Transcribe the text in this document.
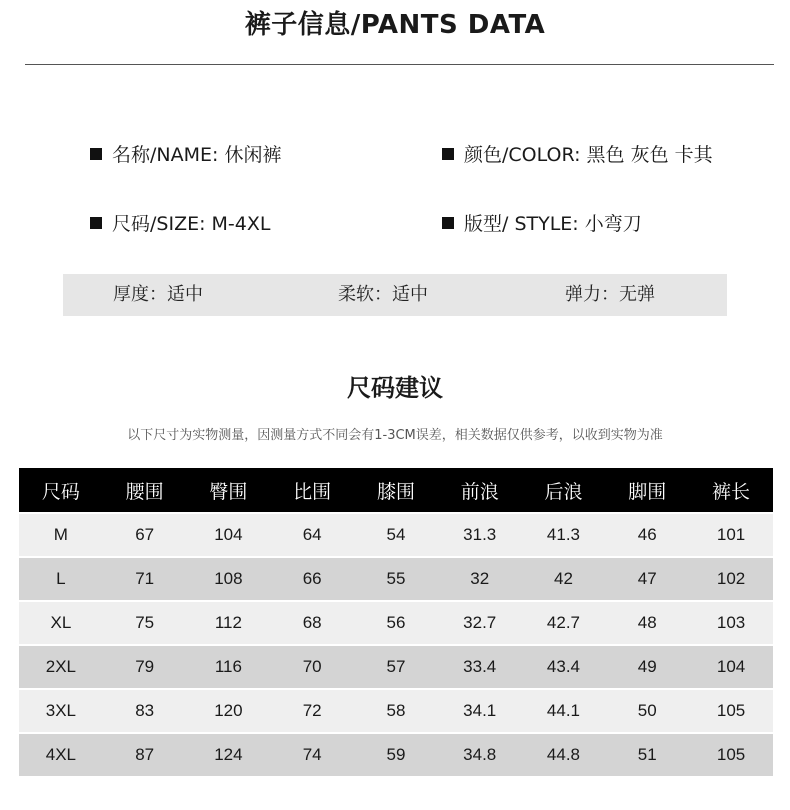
裤子信息/PANTS DATA
名称/NAME: 休闲裤	颜色/COLOR: 黑色 灰色 卡其
尺码/SIZE: M-4XL	版型/ STYLE: 小弯刀
厚度：适中	柔软：适中	弹力：无弹
尺码建议
以下尺寸为实物测量，因测量方式不同会有1-3CM误差，相关数据仅供参考，以收到实物为准
尺码	腰围	臀围	比围	膝围	前浪	后浪	脚围	裤长
M	67	104	64	54	31.3	41.3	46	101
L	71	108	66	55	32	42	47	102
XL	75	112	68	56	32.7	42.7	48	103
2XL	79	116	70	57	33.4	43.4	49	104
3XL	83	120	72	58	34.1	44.1	50	105
4XL	87	124	74	59	34.8	44.8	51	105
